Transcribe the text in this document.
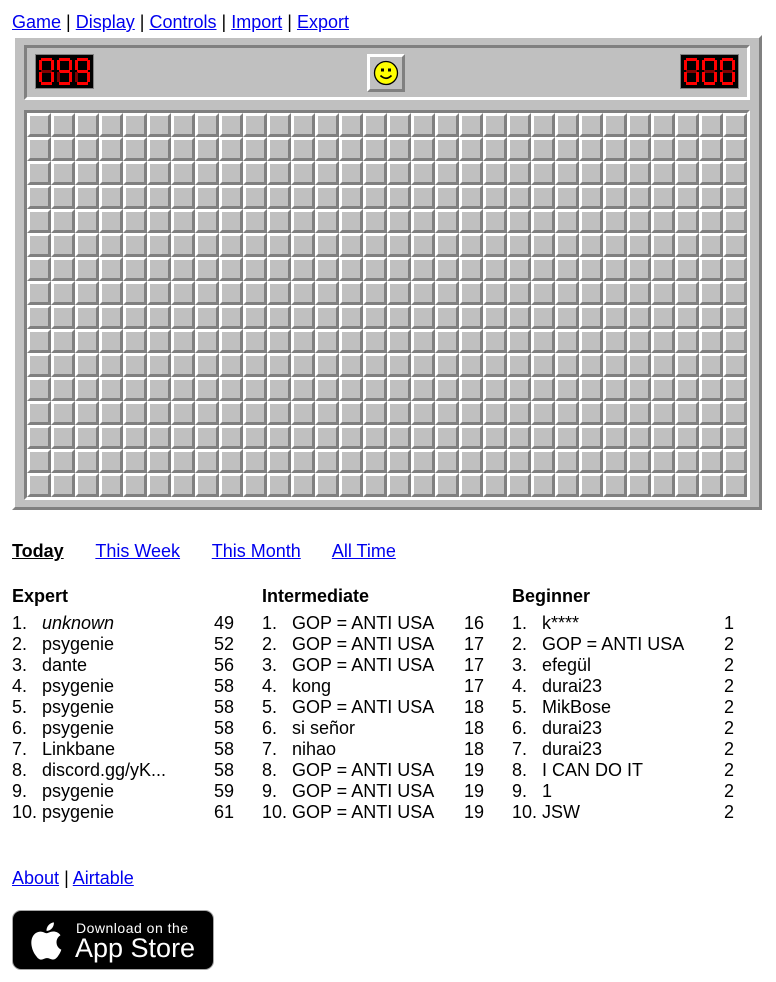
Game | Display | Controls | Import | Export
Today This Week This Month All Time
Expert
1. unknown	49
2. psygenie	52
3. dante	56
4. psygenie	58
5. psygenie	58
6. psygenie	58
7. Linkbane	58
8. discord.gg/yK...	58
9. psygenie	59
10. psygenie	61
Intermediate
1. GOP = ANTI USA 16
2. GOP = ANTI USA 17
3. GOP = ANTI USA 17
4. kong	17
5. GOP = ANTI USA 18
6. si señor	18
7. nihao	18
8. GOP = ANTI USA 19
9. GOP = ANTI USA 19
10. GOP = ANTI USA 19
Beginner
1. k****	1
2. GOP = ANTI USA 2
3. efegül	2
4. durai23	2
5. MikBose	2
6. durai23	2
7. durai23	2
8. I CAN DO IT	2
9. 1	2
10. JSW	2
About | Airtable
Download on the
App Store
